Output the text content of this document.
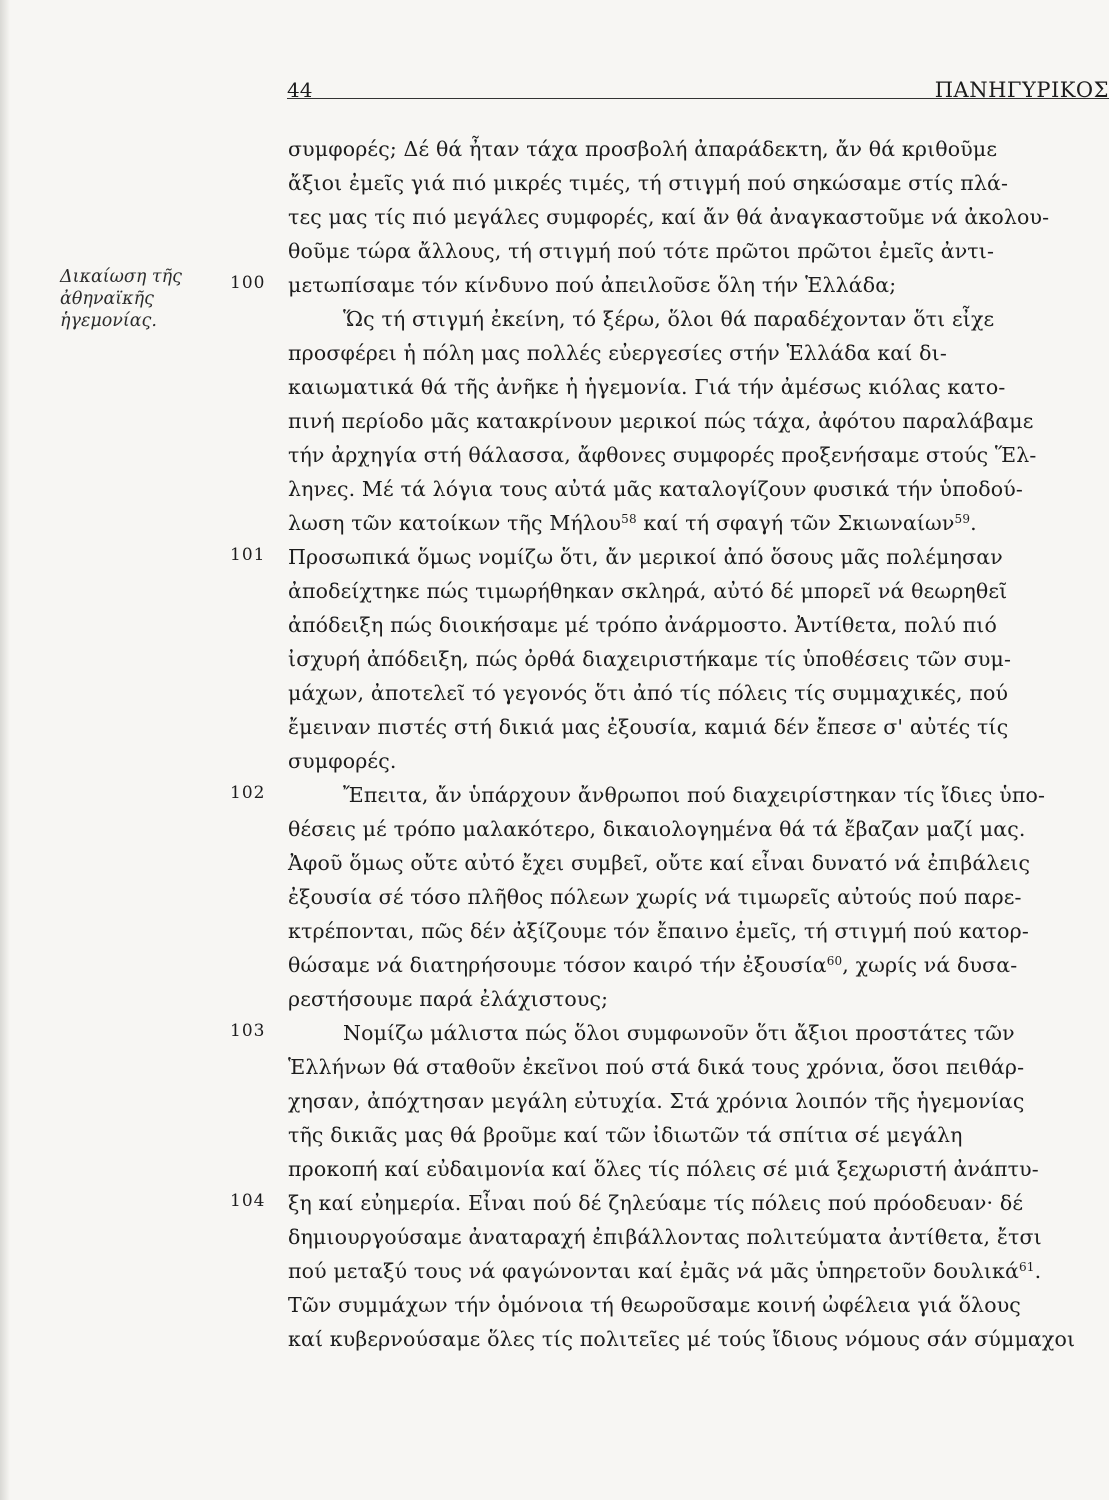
44	ΠΑΝΗΓΥΡΙΚΟΣ
Δικαίωση τῆς
ἀθηναϊκῆς
ἡγεμονίας.
συμφορές; Δέ θά ἦταν τάχα προσβολή ἀπαράδεκτη, ἄν θά κριθοῦμε
ἄξιοι ἐμεῖς γιά πιό μικρές τιμές, τή στιγμή πού σηκώσαμε στίς πλά-
τες μας τίς πιό μεγάλες συμφορές, καί ἄν θά ἀναγκαστοῦμε νά ἀκολου-
θοῦμε τώρα ἄλλους, τή στιγμή πού τότε πρῶτοι πρῶτοι ἐμεῖς ἀντι-
μετωπίσαμε τόν κίνδυνο πού ἀπειλοῦσε ὅλη τήν Ἑλλάδα;
100
Ὥς τή στιγμή ἐκείνη, τό ξέρω, ὅλοι θά παραδέχονταν ὅτι εἶχε
προσφέρει ἡ πόλη μας πολλές εὐεργεσίες στήν Ἑλλάδα καί δι-
καιωματικά θά τῆς ἀνῆκε ἡ ἡγεμονία. Γιά τήν ἀμέσως κιόλας κατο-
πινή περίοδο μᾶς κατακρίνουν μερικοί πώς τάχα, ἀφότου παραλάβαμε
τήν ἀρχηγία στή θάλασσα, ἄφθονες συμφορές προξενήσαμε στούς Ἕλ-
ληνες. Μέ τά λόγια τους αὐτά μᾶς καταλογίζουν φυσικά τήν ὑποδού-
λωση τῶν κατοίκων τῆς Μήλου$^{58}$ καί τή σφαγή τῶν Σκιωναίων$^{59}$.
101 Προσωπικά ὅμως νομίζω ὅτι, ἄν μερικοί ἀπό ὅσους μᾶς πολέμησαν
ἀποδείχτηκε πώς τιμωρήθηκαν σκληρά, αὐτό δέ μπορεῖ νά θεωρηθεῖ
ἀπόδειξη πώς διοικήσαμε μέ τρόπο ἀνάρμοστο. Ἀντίθετα, πολύ πιό
ἰσχυρή ἀπόδειξη, πώς ὀρθά διαχειριστήκαμε τίς ὑποθέσεις τῶν συμ-
μάχων, ἀποτελεῖ τό γεγονός ὅτι ἀπό τίς πόλεις τίς συμμαχικές, πού
ἔμειναν πιστές στή δικιά μας ἐξουσία, καμιά δέν ἔπεσε σ' αὐτές τίς
συμφορές.
102	Ἔπειτα, ἄν ὑπάρχουν ἄνθρωποι πού διαχειρίστηκαν τίς ἴδιες ὑπο-
θέσεις μέ τρόπο μαλακότερο, δικαιολογημένα θά τά ἔβαζαν μαζί μας.
Ἀφοῦ ὅμως οὔτε αὐτό ἔχει συμβεῖ, οὔτε καί εἶναι δυνατό νά ἐπιβάλεις
ἐξουσία σέ τόσο πλῆθος πόλεων χωρίς νά τιμωρεῖς αὐτούς πού παρε-
κτρέπονται, πῶς δέν ἀξίζουμε τόν ἔπαινο ἐμεῖς, τή στιγμή πού κατορ-
θώσαμε νά διατηρήσουμε τόσον καιρό τήν ἐξουσία$^{60}$, χωρίς νά δυσα-
ρεστήσουμε παρά ἐλάχιστους;
103	Νομίζω μάλιστα πώς ὅλοι συμφωνοῦν ὅτι ἄξιοι προστάτες τῶν
Ἑλλήνων θά σταθοῦν ἐκεῖνοι πού στά δικά τους χρόνια, ὅσοι πειθάρ-
χησαν, ἀπόχτησαν μεγάλη εὐτυχία. Στά χρόνια λοιπόν τῆς ἡγεμονίας
τῆς δικιᾶς μας θά βροῦμε καί τῶν ἰδιωτῶν τά σπίτια σέ μεγάλη
προκοπή καί εὐδαιμονία καί ὅλες τίς πόλεις σέ μιά ξεχωριστή ἀνάπτυ-
104 ξη καί εὐημερία. Εἶναι πού δέ ζηλεύαμε τίς πόλεις πού πρόοδευαν· δέ
δημιουργούσαμε ἀναταραχή ἐπιβάλλοντας πολιτεύματα ἀντίθετα, ἔτσι
πού μεταξύ τους νά φαγώνονται καί ἐμᾶς νά μᾶς ὑπηρετοῦν δουλικά$^{61}$.
Τῶν συμμάχων τήν ὁμόνοια τή θεωροῦσαμε κοινή ὠφέλεια γιά ὅλους
καί κυβερνούσαμε ὅλες τίς πολιτεῖες μέ τούς ἴδιους νόμους σάν σύμμαχοι
